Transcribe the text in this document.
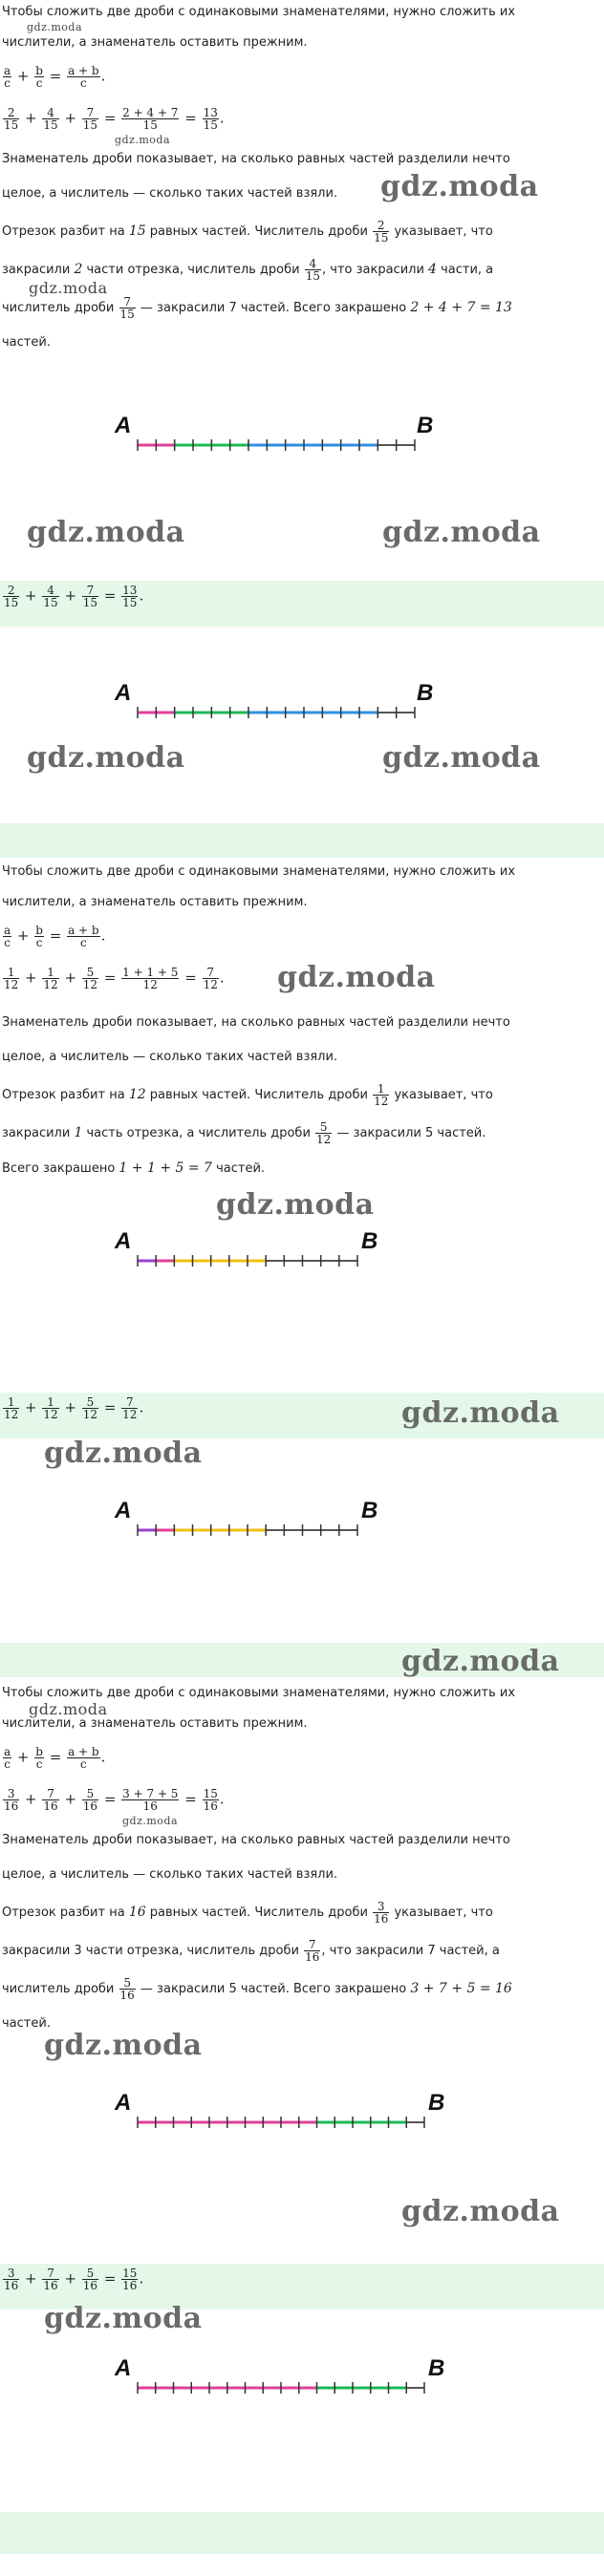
Чтобы сложить две дроби с одинаковыми знаменателями, нужно сложить их
gdz.moda
числители, а знаменатель оставить прежним.
$\frac{a}{c} + \frac{b}{c} = \frac{a + b}{c}$ .
$\frac{2}{15} + \frac{4}{15} + \frac{7}{15} = \frac{2 + 4 + 7}{15} = \frac{13}{15}$ .
gdz.moda
Знаменатель дроби показывает, на сколько равных частей разделили нечто
целое, а числитель — сколько таких частей взяли. gdz.moda
Отрезок разбит на 15 равных частей. Числитель дроби $\frac{2}{15}$ указывает, что
закрасили 2 части отрезка, числитель дроби $\frac{4}{15}$ , что закрасили 4 части, а
числитель дроби $\frac{7}{15}$ — закрасили 7 частей. Всего закрашено 2 + 4 + 7 = 13
gdz.moda
частей.
A	B
gdz.moda	gdz.moda
$\frac{2}{15} + \frac{4}{15} + \frac{7}{15} = \frac{13}{15}$ .
A	B
gdz.moda	gdz.moda
Чтобы сложить две дроби с одинаковыми знаменателями, нужно сложить их
числители, а знаменатель оставить прежним.
$\frac{a}{c} + \frac{b}{c} = \frac{a + b}{c}$ .
$\frac{1}{12} + \frac{1}{12} + \frac{5}{12} = \frac{1 + 1 + 5}{12} = \frac{7}{12}$ . gdz.moda
Знаменатель дроби показывает, на сколько равных частей разделили нечто
целое, а числитель — сколько таких частей взяли.
Отрезок разбит на 12 равных частей. Числитель дроби $\frac{1}{12}$ указывает, что
закрасили 1 часть отрезка, а числитель дроби $\frac{5}{12}$ — закрасили 5 частей.
Всего закрашено 1 + 1 + 5 = 7 частей.
gdz.moda
A	B
$\frac{1}{12} + \frac{1}{12} + \frac{5}{12} = \frac{7}{12}$ .	gdz.moda
gdz.moda
A	B
gdz.moda
Чтобы сложить две дроби с одинаковыми знаменателями, нужно сложить их
gdz.moda
числители, а знаменатель оставить прежним.
$\frac{a}{c} + \frac{b}{c} = \frac{a + b}{c}$ .
$\frac{3}{16} + \frac{7}{16} + \frac{5}{16} = \frac{3 + 7 + 5}{16} = \frac{15}{16}$ .
gdz.moda
Знаменатель дроби показывает, на сколько равных частей разделили нечто
целое, а числитель — сколько таких частей взяли.
Отрезок разбит на 16 равных частей. Числитель дроби $\frac{3}{16}$ указывает, что
закрасили 3 части отрезка, числитель дроби $\frac{7}{16}$ , что закрасили 7 частей, а
числитель дроби $\frac{5}{16}$ — закрасили 5 частей. Всего закрашено 3 + 7 + 5 = 16
частей.
gdz.moda
A	B
gdz.moda
$\frac{3}{16} + \frac{7}{16} + \frac{5}{16} = \frac{15}{16}$ .
gdz.moda
A	B
